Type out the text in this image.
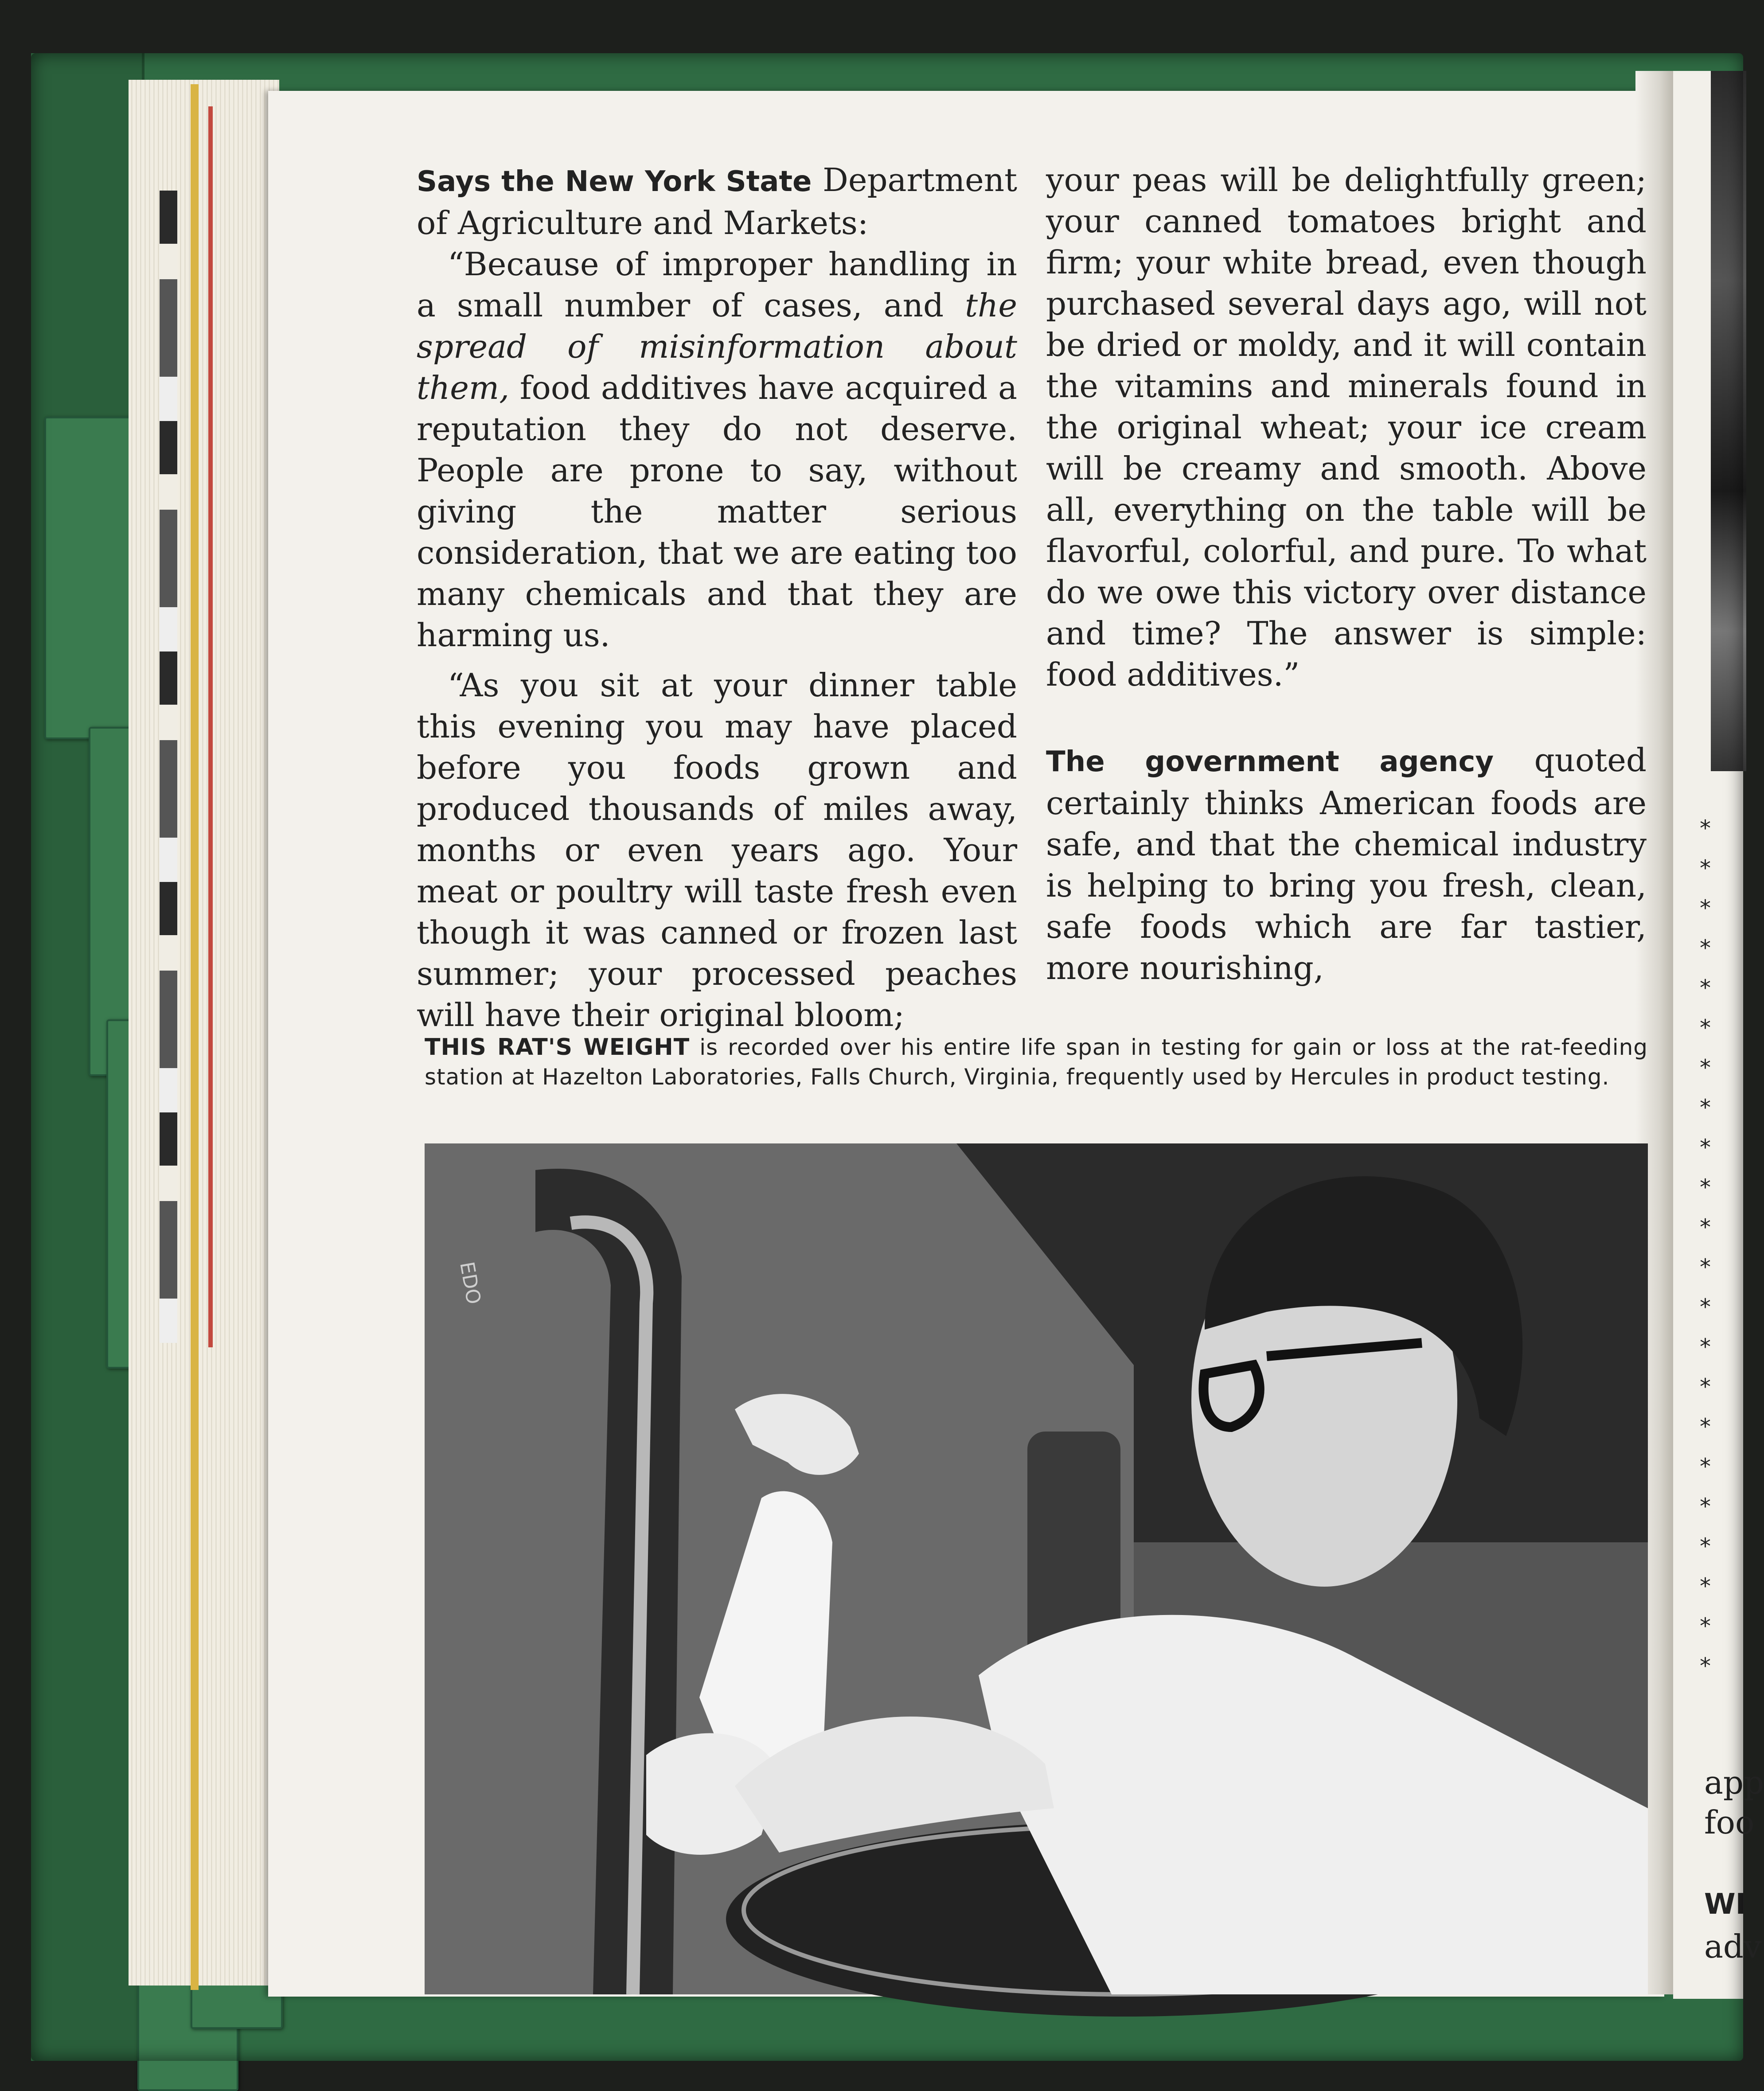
Says the New York State Department of Agriculture and Markets:

“Because of improper handling in a small number of cases, and the spread of misinformation about them, food additives have acquired a reputation they do not deserve. People are prone to say, without giving the matter serious consideration, that we are eating too many chemicals and that they are harming us.

“As you sit at your dinner table this evening you may have placed before you foods grown and produced thousands of miles away, months or even years ago. Your meat or poultry will taste fresh even though it was canned or frozen last summer; your processed peaches will have their original bloom;

your peas will be delightfully green; your canned tomatoes bright and firm; your white bread, even though purchased several days ago, will not be dried or moldy, and it will contain the vitamins and minerals found in the original wheat; your ice cream will be creamy and smooth. Above all, everything on the table will be flavorful, colorful, and pure. To what do we owe this victory over distance and time? The answer is simple: food additives.”

The government agency quoted certainly thinks American foods are safe, and that the chemical industry is helping to bring you fresh, clean, safe foods which are far tastier, more nourishing,

THIS RAT'S WEIGHT is recorded over his entire life span in testing for gain or loss at the rat-feeding station at Hazelton Laboratories, Falls Church, Virginia, frequently used by Hercules in product testing.
EDO
*
*
*
*
*
*
*
*
*
*
*
*
*
*
*
*
*
*
*
*
*
*
app
foo
WI
adv
